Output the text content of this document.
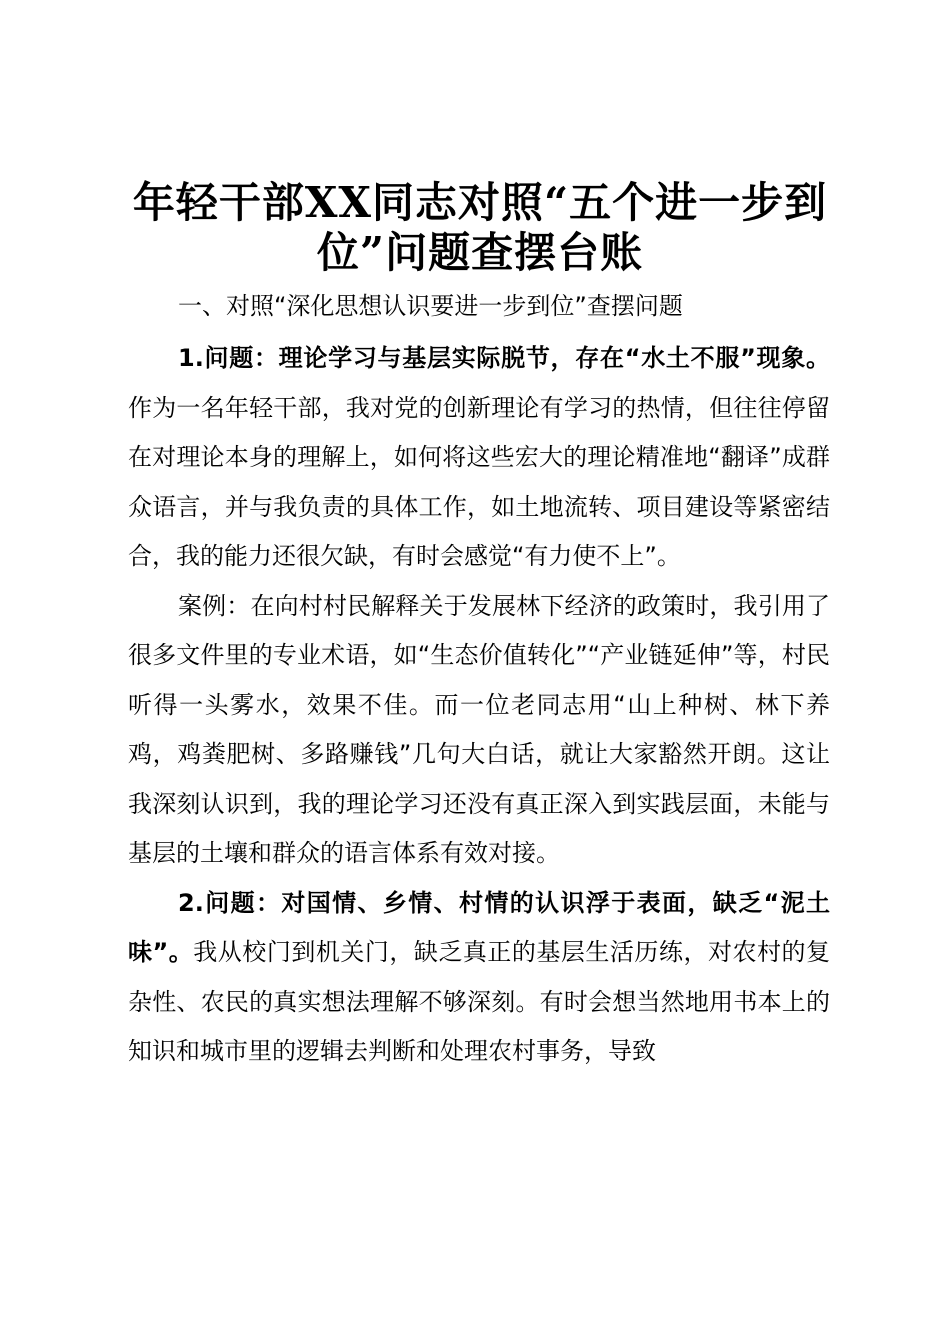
年轻干部XX同志对照“五个进一步到位”问题查摆台账

一、对照“深化思想认识要进一步到位”查摆问题

1.问题：理论学习与基层实际脱节，存在“水土不服”现象。作为一名年轻干部，我对党的创新理论有学习的热情，但往往停留在对理论本身的理解上，如何将这些宏大的理论精准地“翻译”成群众语言，并与我负责的具体工作，如土地流转、项目建设等紧密结合，我的能力还很欠缺，有时会感觉“有力使不上”。

案例：在向村村民解释关于发展林下经济的政策时，我引用了很多文件里的专业术语，如“生态价值转化”“产业链延伸”等，村民听得一头雾水，效果不佳。而一位老同志用“山上种树、林下养鸡，鸡粪肥树、多路赚钱”几句大白话，就让大家豁然开朗。这让我深刻认识到，我的理论学习还没有真正深入到实践层面，未能与基层的土壤和群众的语言体系有效对接。

2.问题：对国情、乡情、村情的认识浮于表面，缺乏“泥土味”。我从校门到机关门，缺乏真正的基层生活历练，对农村的复杂性、农民的真实想法理解不够深刻。有时会想当然地用书本上的知识和城市里的逻辑去判断和处理农村事务，导致
